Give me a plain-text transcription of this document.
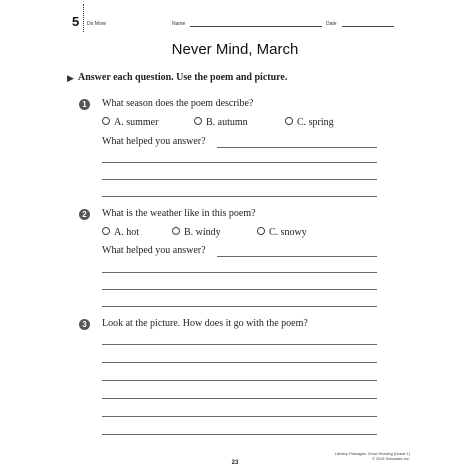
5 Do More	Name	Date
Never Mind, March
▶ Answer each question. Use the poem and picture.
1	What season does the poem describe?
A. summer	B. autumn	C. spring
What helped you answer?
2	What is the weather like in this poem?
A. hot	B. windy	C. snowy
What helped you answer?
3	Look at the picture. How does it go with the poem?
Literacy Passages: Close Reading (Grade 1)
© 2018 Scholastic Inc.
23
